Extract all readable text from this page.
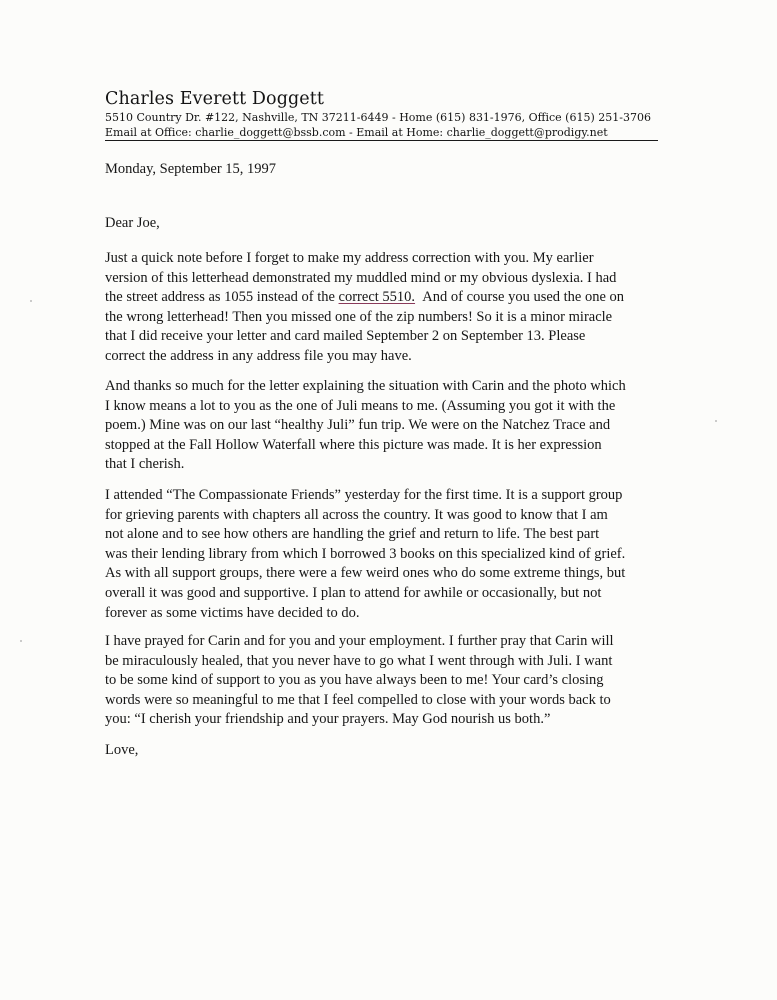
Charles Everett Doggett
5510 Country Dr. #122, Nashville, TN 37211-6449 - Home (615) 831-1976, Office (615) 251-3706
Email at Office: charlie_doggett@bssb.com - Email at Home: charlie_doggett@prodigy.net

Monday, September 15, 1997

Dear Joe,

Just a quick note before I forget to make my address correction with you. My earlier
version of this letterhead demonstrated my muddled mind or my obvious dyslexia. I had
the street address as 1055 instead of the correct 5510. And of course you used the one on
the wrong letterhead! Then you missed one of the zip numbers! So it is a minor miracle
that I did receive your letter and card mailed September 2 on September 13. Please
correct the address in any address file you may have.

And thanks so much for the letter explaining the situation with Carin and the photo which
I know means a lot to you as the one of Juli means to me. (Assuming you got it with the
poem.) Mine was on our last “healthy Juli” fun trip. We were on the Natchez Trace and
stopped at the Fall Hollow Waterfall where this picture was made. It is her expression
that I cherish.

I attended “The Compassionate Friends” yesterday for the first time. It is a support group
for grieving parents with chapters all across the country. It was good to know that I am
not alone and to see how others are handling the grief and return to life. The best part
was their lending library from which I borrowed 3 books on this specialized kind of grief.
As with all support groups, there were a few weird ones who do some extreme things, but
overall it was good and supportive. I plan to attend for awhile or occasionally, but not
forever as some victims have decided to do.

I have prayed for Carin and for you and your employment. I further pray that Carin will
be miraculously healed, that you never have to go what I went through with Juli. I want
to be some kind of support to you as you have always been to me! Your card’s closing
words were so meaningful to me that I feel compelled to close with your words back to
you: “I cherish your friendship and your prayers. May God nourish us both.”

Love,
